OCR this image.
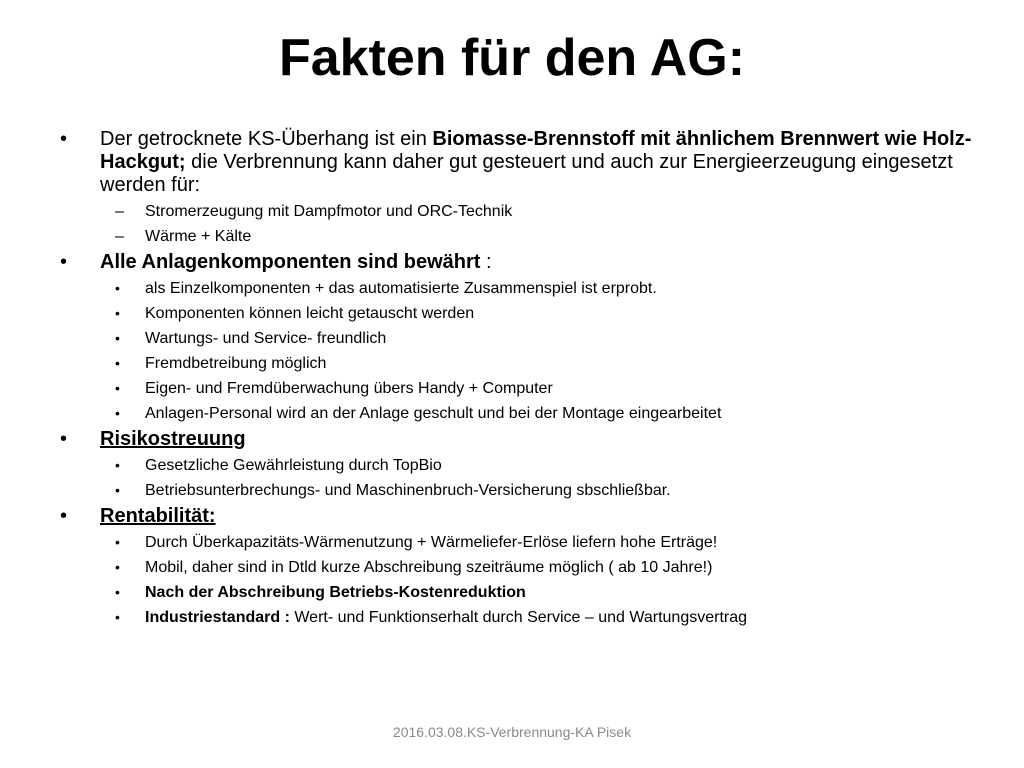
Fakten für den AG:
• Der getrocknete KS-Überhang ist ein Biomasse-Brennstoff mit ähnlichem Brennwert wie Holz-Hackgut; die Verbrennung kann daher gut gesteuert und auch zur Energieerzeugung eingesetzt werden für:
– Stromerzeugung mit Dampfmotor und ORC-Technik
– Wärme + Kälte
• Alle Anlagenkomponenten sind bewährt :
• als Einzelkomponenten + das automatisierte Zusammenspiel ist erprobt.
• Komponenten können leicht getauscht werden
• Wartungs- und Service- freundlich
• Fremdbetreibung möglich
• Eigen- und Fremdüberwachung übers Handy + Computer
• Anlagen-Personal wird an der Anlage geschult und bei der Montage eingearbeitet
• Risikostreuung
• Gesetzliche Gewährleistung durch TopBio
• Betriebsunterbrechungs- und Maschinenbruch-Versicherung sbschließbar.
• Rentabilität:
• Durch Überkapazitäts-Wärmenutzung + Wärmeliefer-Erlöse liefern hohe Erträge!
• Mobil, daher sind in Dtld kurze Abschreibung szeiträume möglich ( ab 10 Jahre!)
• Nach der Abschreibung Betriebs-Kostenreduktion
• Industriestandard : Wert- und Funktionserhalt durch Service – und Wartungsvertrag
2016.03.08.KS-Verbrennung-KA Pisek
